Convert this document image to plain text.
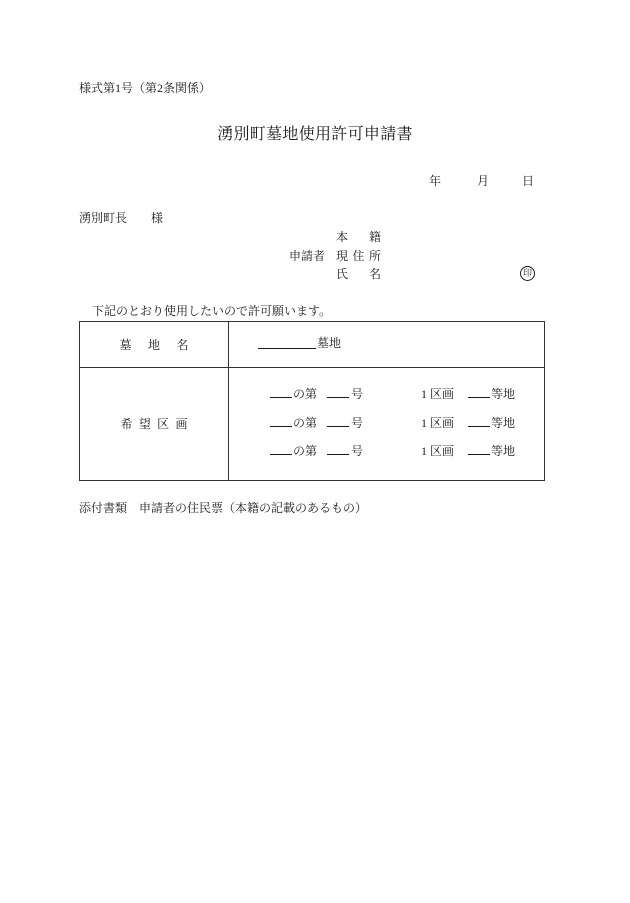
様式第1号（第2条関係）
湧別町墓地使用許可申請書
年	月	日
湧別町長　　様
本　籍
申請者 現 住 所
氏　名	印
下記のとおり使用したいので許可願います。
墓　地　名	墓地
希 望 区 画
の第	号	1 区画	等地
の第	号	1 区画	等地
の第	号	1 区画	等地
添付書類　申請者の住民票（本籍の記載のあるもの）
